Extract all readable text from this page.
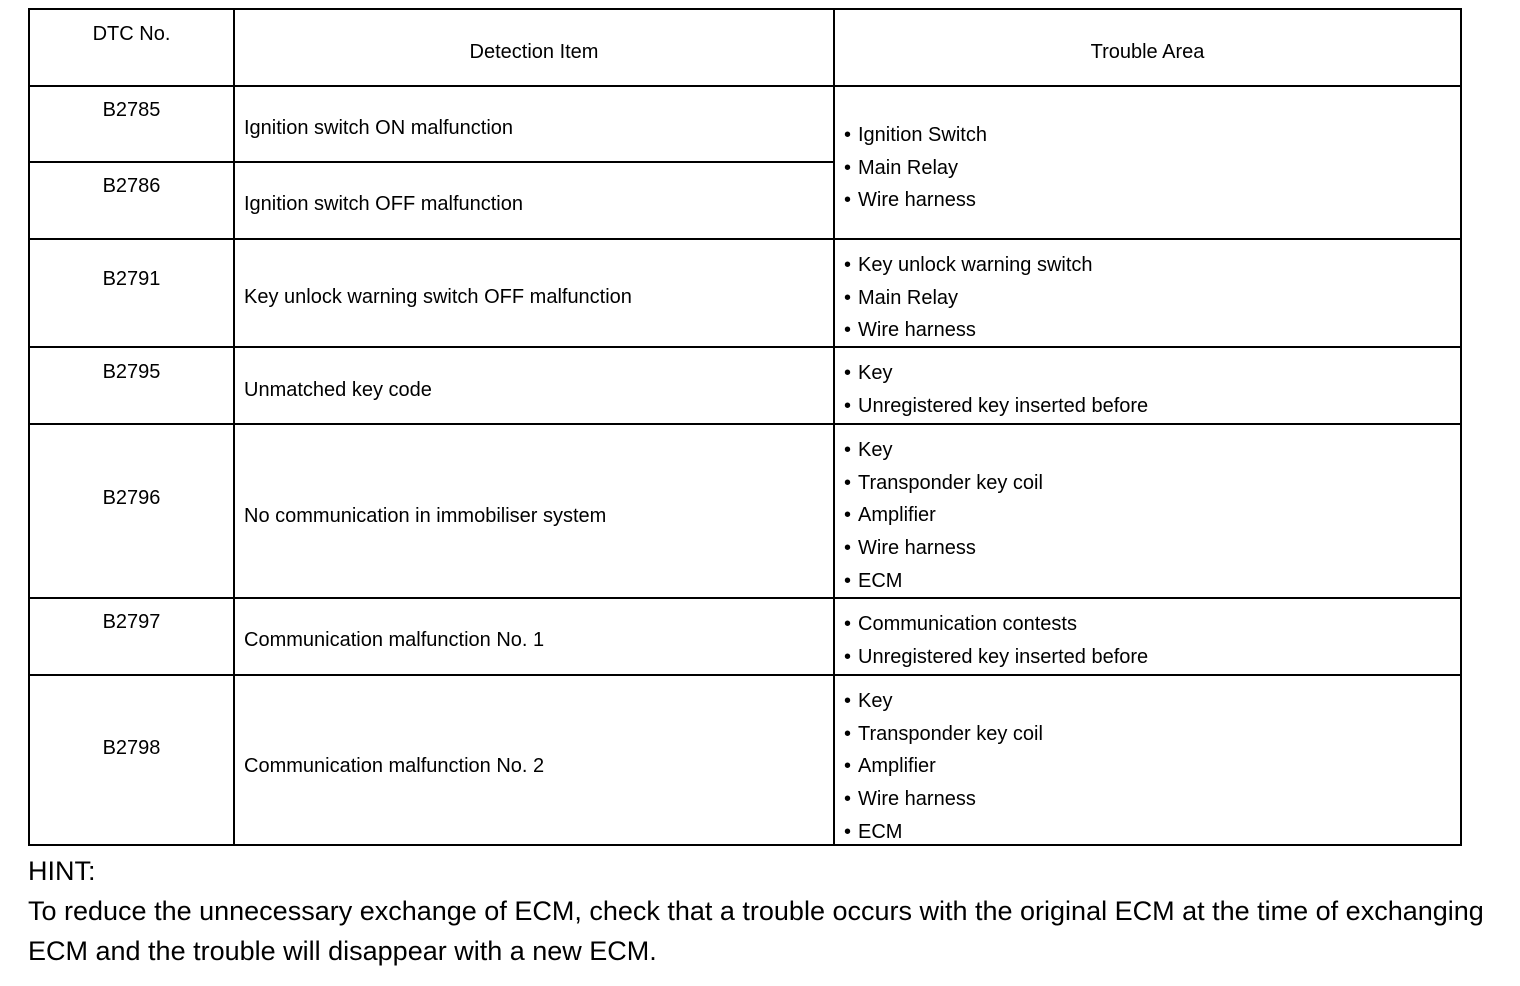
DTC No.
Detection Item	Trouble Area
B2785
B2786
B2791
B2795
B2796
B2797
B2798
Ignition switch ON malfunction
Ignition switch OFF malfunction
Key unlock warning switch OFF malfunction
Unmatched key code
No communication in immobiliser system
Communication malfunction No. 1
Communication malfunction No. 2
• Ignition Switch
• Main Relay
• Wire harness
• Key unlock warning switch
• Main Relay
• Wire harness
• Key
• Unregistered key inserted before
• Key
• Transponder key coil
• Amplifier
• Wire harness
• ECM
• Communication contests
• Unregistered key inserted before
• Key
• Transponder key coil
• Amplifier
• Wire harness
• ECM
HINT:
To reduce the unnecessary exchange of ECM, check that a trouble occurs with the original ECM at the time of exchanging ECM and the trouble will disappear with a new ECM.
